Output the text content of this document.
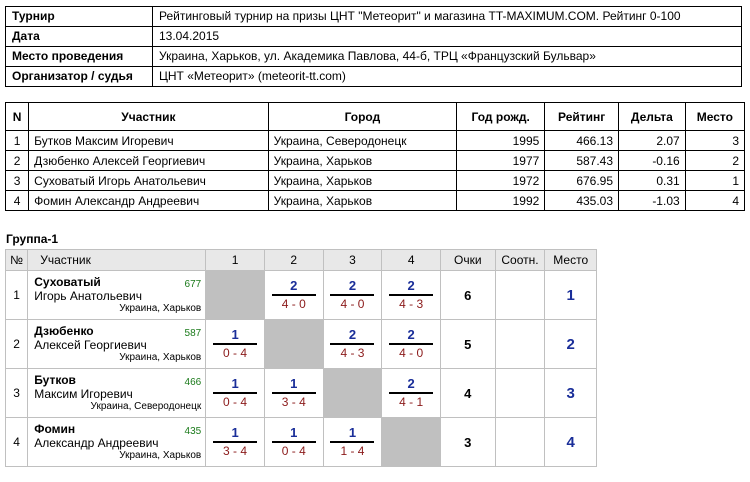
Турнир	Рейтинговый турнир на призы ЦНТ "Метеорит" и магазина TT-MAXIMUM.COM. Рейтинг 0-100
Дата	13.04.2015
Место проведения	Украина, Харьков, ул. Академика Павлова, 44-б, ТРЦ «Французский Бульвар»
Организатор / судья	ЦНТ «Метеорит» (meteorit-tt.com)
N	Участник	Город	Год рожд.	Рейтинг	Дельта	Место
1	Бутков Максим Игоревич	Украина, Северодонецк	1995	466.13	2.07	3
2	Дзюбенко Алексей Георгиевич	Украина, Харьков	1977	587.43	-0.16	2
3	Суховатый Игорь Анатольевич	Украина, Харьков	1972	676.95	0.31	1
4	Фомин Александр Андреевич	Украина, Харьков	1992	435.03	-1.03	4
Группа-1
№	Участник	1	2	3	4	Очки	Соотн.	Место
1	Суховатый
Игорь Анатольевич
Украина, Харьков
677		$\frac{2}{4 - 0}$	$\frac{2}{4 - 0}$	$\frac{2}{4 - 3}$	6		1
2	Дзюбенко
Алексей Георгиевич
Украина, Харьков
587	$\frac{1}{0 - 4}$		$\frac{2}{4 - 3}$	$\frac{2}{4 - 0}$	5		2
3	Бутков
Максим Игоревич
Украина, Северодонецк
466	$\frac{1}{0 - 4}$	$\frac{1}{3 - 4}$		$\frac{2}{4 - 1}$	4		3
4	Фомин
Александр Андреевич
Украина, Харьков
435	$\frac{1}{3 - 4}$	$\frac{1}{0 - 4}$	$\frac{1}{1 - 4}$		3		4
